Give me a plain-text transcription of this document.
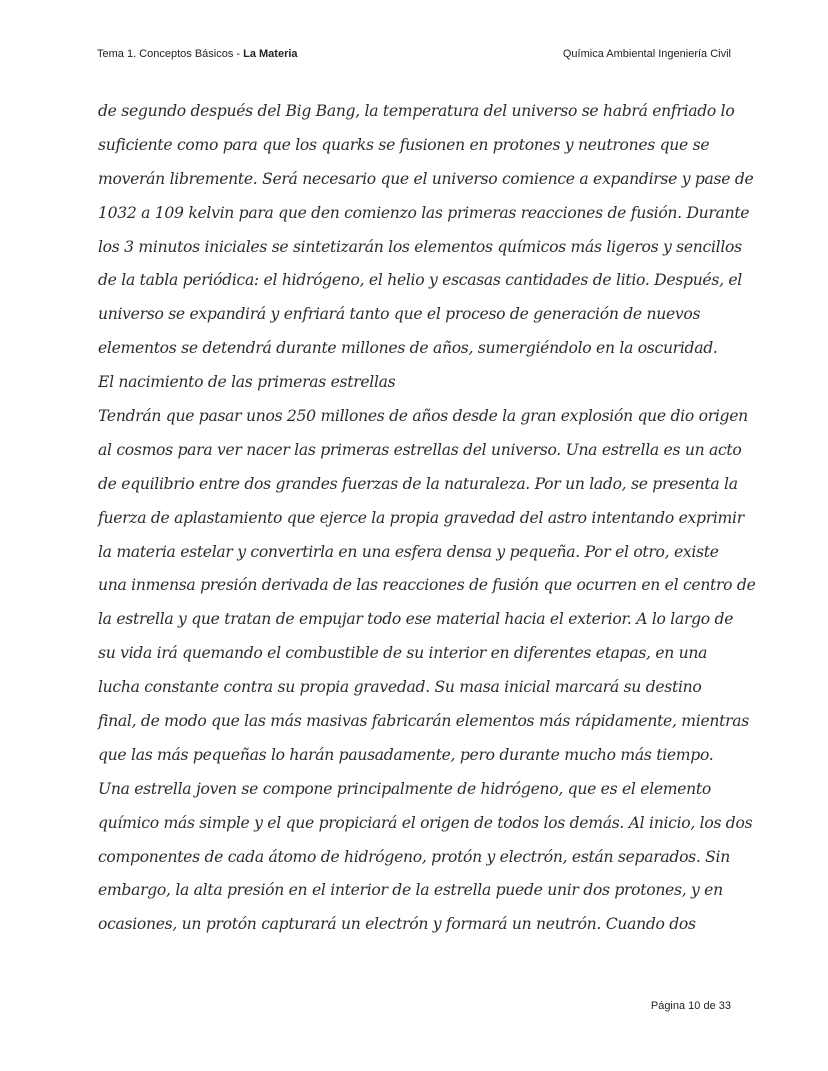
Tema 1. Conceptos Básicos - La Materia	Química Ambiental Ingeniería Civil
de segundo después del Big Bang, la temperatura del universo se habrá enfriado lo
suficiente como para que los quarks se fusionen en protones y neutrones que se
moverán libremente. Será necesario que el universo comience a expandirse y pase de
1032 a 109 kelvin para que den comienzo las primeras reacciones de fusión. Durante
los 3 minutos iniciales se sintetizarán los elementos químicos más ligeros y sencillos
de la tabla periódica: el hidrógeno, el helio y escasas cantidades de litio. Después, el
universo se expandirá y enfriará tanto que el proceso de generación de nuevos
elementos se detendrá durante millones de años, sumergiéndolo en la oscuridad.
El nacimiento de las primeras estrellas
Tendrán que pasar unos 250 millones de años desde la gran explosión que dio origen
al cosmos para ver nacer las primeras estrellas del universo. Una estrella es un acto
de equilibrio entre dos grandes fuerzas de la naturaleza. Por un lado, se presenta la
fuerza de aplastamiento que ejerce la propia gravedad del astro intentando exprimir
la materia estelar y convertirla en una esfera densa y pequeña. Por el otro, existe
una inmensa presión derivada de las reacciones de fusión que ocurren en el centro de
la estrella y que tratan de empujar todo ese material hacia el exterior. A lo largo de
su vida irá quemando el combustible de su interior en diferentes etapas, en una
lucha constante contra su propia gravedad. Su masa inicial marcará su destino
final, de modo que las más masivas fabricarán elementos más rápidamente, mientras
que las más pequeñas lo harán pausadamente, pero durante mucho más tiempo.
Una estrella joven se compone principalmente de hidrógeno, que es el elemento
químico más simple y el que propiciará el origen de todos los demás. Al inicio, los dos
componentes de cada átomo de hidrógeno, protón y electrón, están separados. Sin
embargo, la alta presión en el interior de la estrella puede unir dos protones, y en
ocasiones, un protón capturará un electrón y formará un neutrón. Cuando dos
Página 10 de 33
